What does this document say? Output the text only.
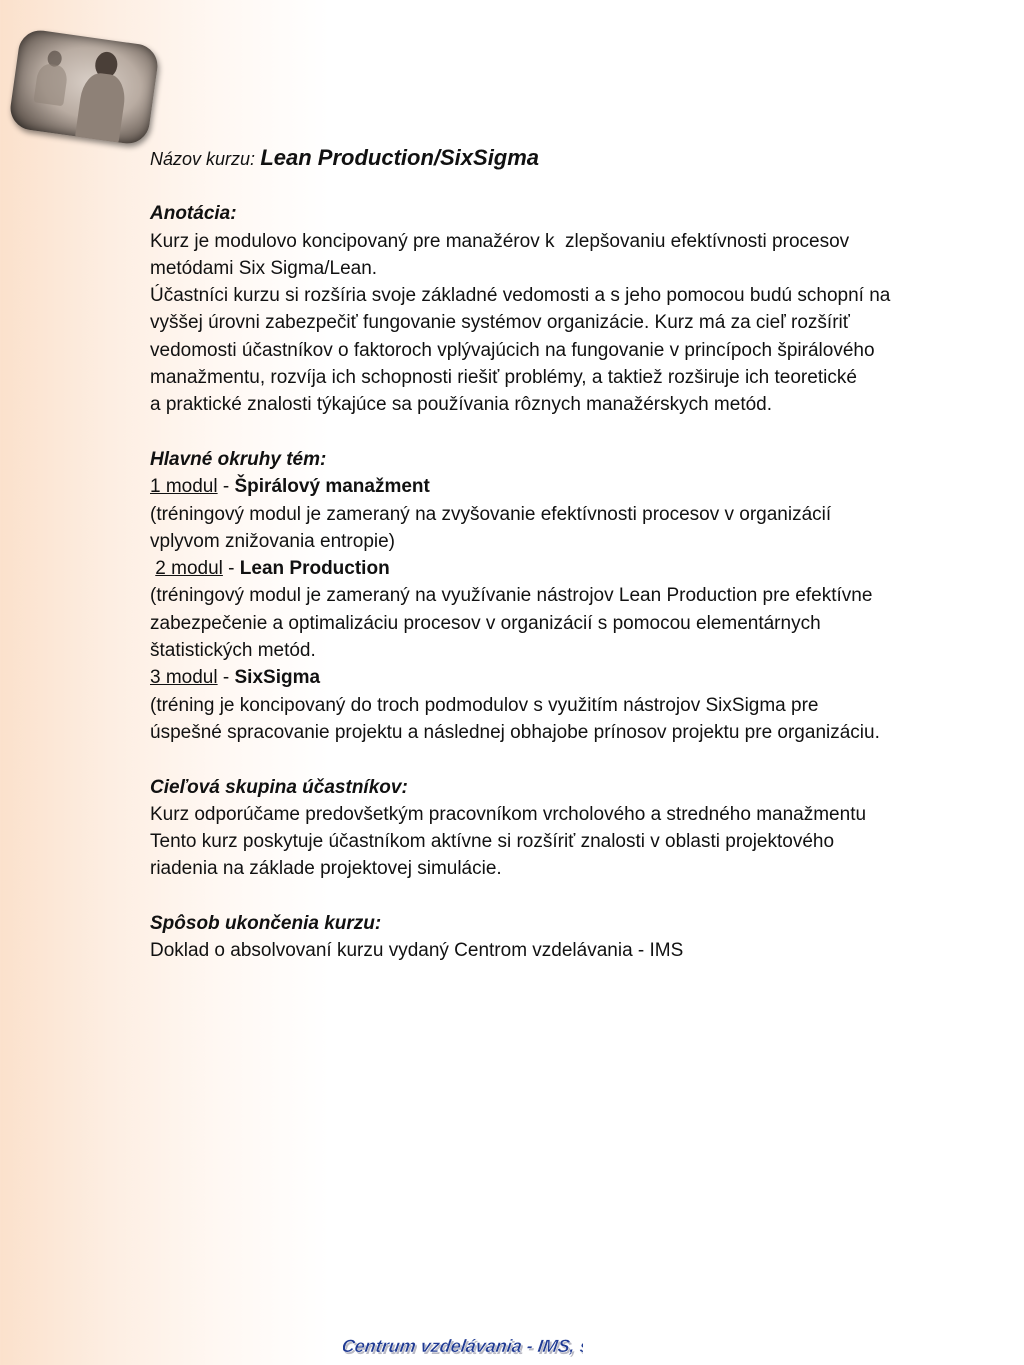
Názov kurzu: Lean Production/SixSigma
Anotácia:
Kurz je modulovo koncipovaný pre manažérov k  zlepšovaniu efektívnosti procesov
metódami Six Sigma/Lean.
Účastníci kurzu si rozšíria svoje základné vedomosti a s jeho pomocou budú schopní na
vyššej úrovni zabezpečiť fungovanie systémov organizácie. Kurz má za cieľ rozšíriť
vedomosti účastníkov o faktoroch vplývajúcich na fungovanie v princípoch špirálového
manažmentu, rozvíja ich schopnosti riešiť problémy, a taktiež rozširuje ich teoretické
a praktické znalosti týkajúce sa používania rôznych manažérskych metód.
Hlavné okruhy tém:
1 modul - Špirálový manažment
(tréningový modul je zameraný na zvyšovanie efektívnosti procesov v organizácií
vplyvom znižovania entropie)
2 modul - Lean Production
(tréningový modul je zameraný na využívanie nástrojov Lean Production pre efektívne
zabezpečenie a optimalizáciu procesov v organizácií s pomocou elementárnych
štatistických metód.
3 modul - SixSigma
(tréning je koncipovaný do troch podmodulov s využitím nástrojov SixSigma pre
úspešné spracovanie projektu a následnej obhajobe prínosov projektu pre organizáciu.
Cieľová skupina účastníkov:
Kurz odporúčame predovšetkým pracovníkom vrcholového a stredného manažmentu
Tento kurz poskytuje účastníkom aktívne si rozšíriť znalosti v oblasti projektového
riadenia na základe projektovej simulácie.
Spôsob ukončenia kurzu:
Doklad o absolvovaní kurzu vydaný Centrom vzdelávania - IMS
Centrum vzdelávania - IMS, s.r.o.
Centrum vzdelávania - IMS, s.r.o.
